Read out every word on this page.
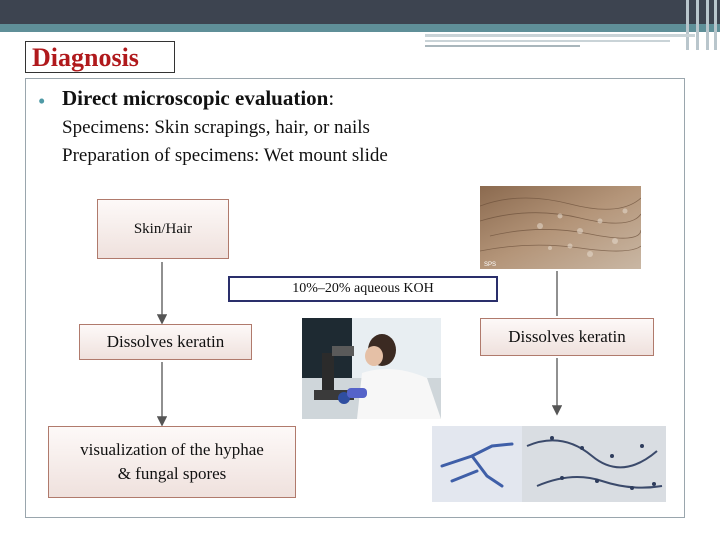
Diagnosis
• Direct microscopic evaluation:
Specimens: Skin scrapings, hair, or nails
Preparation of specimens: Wet mount slide
Skin/Hair
10%–20% aqueous KOH
Dissolves keratin	Dissolves keratin
visualization of the hyphae
& fungal spores
SPS
